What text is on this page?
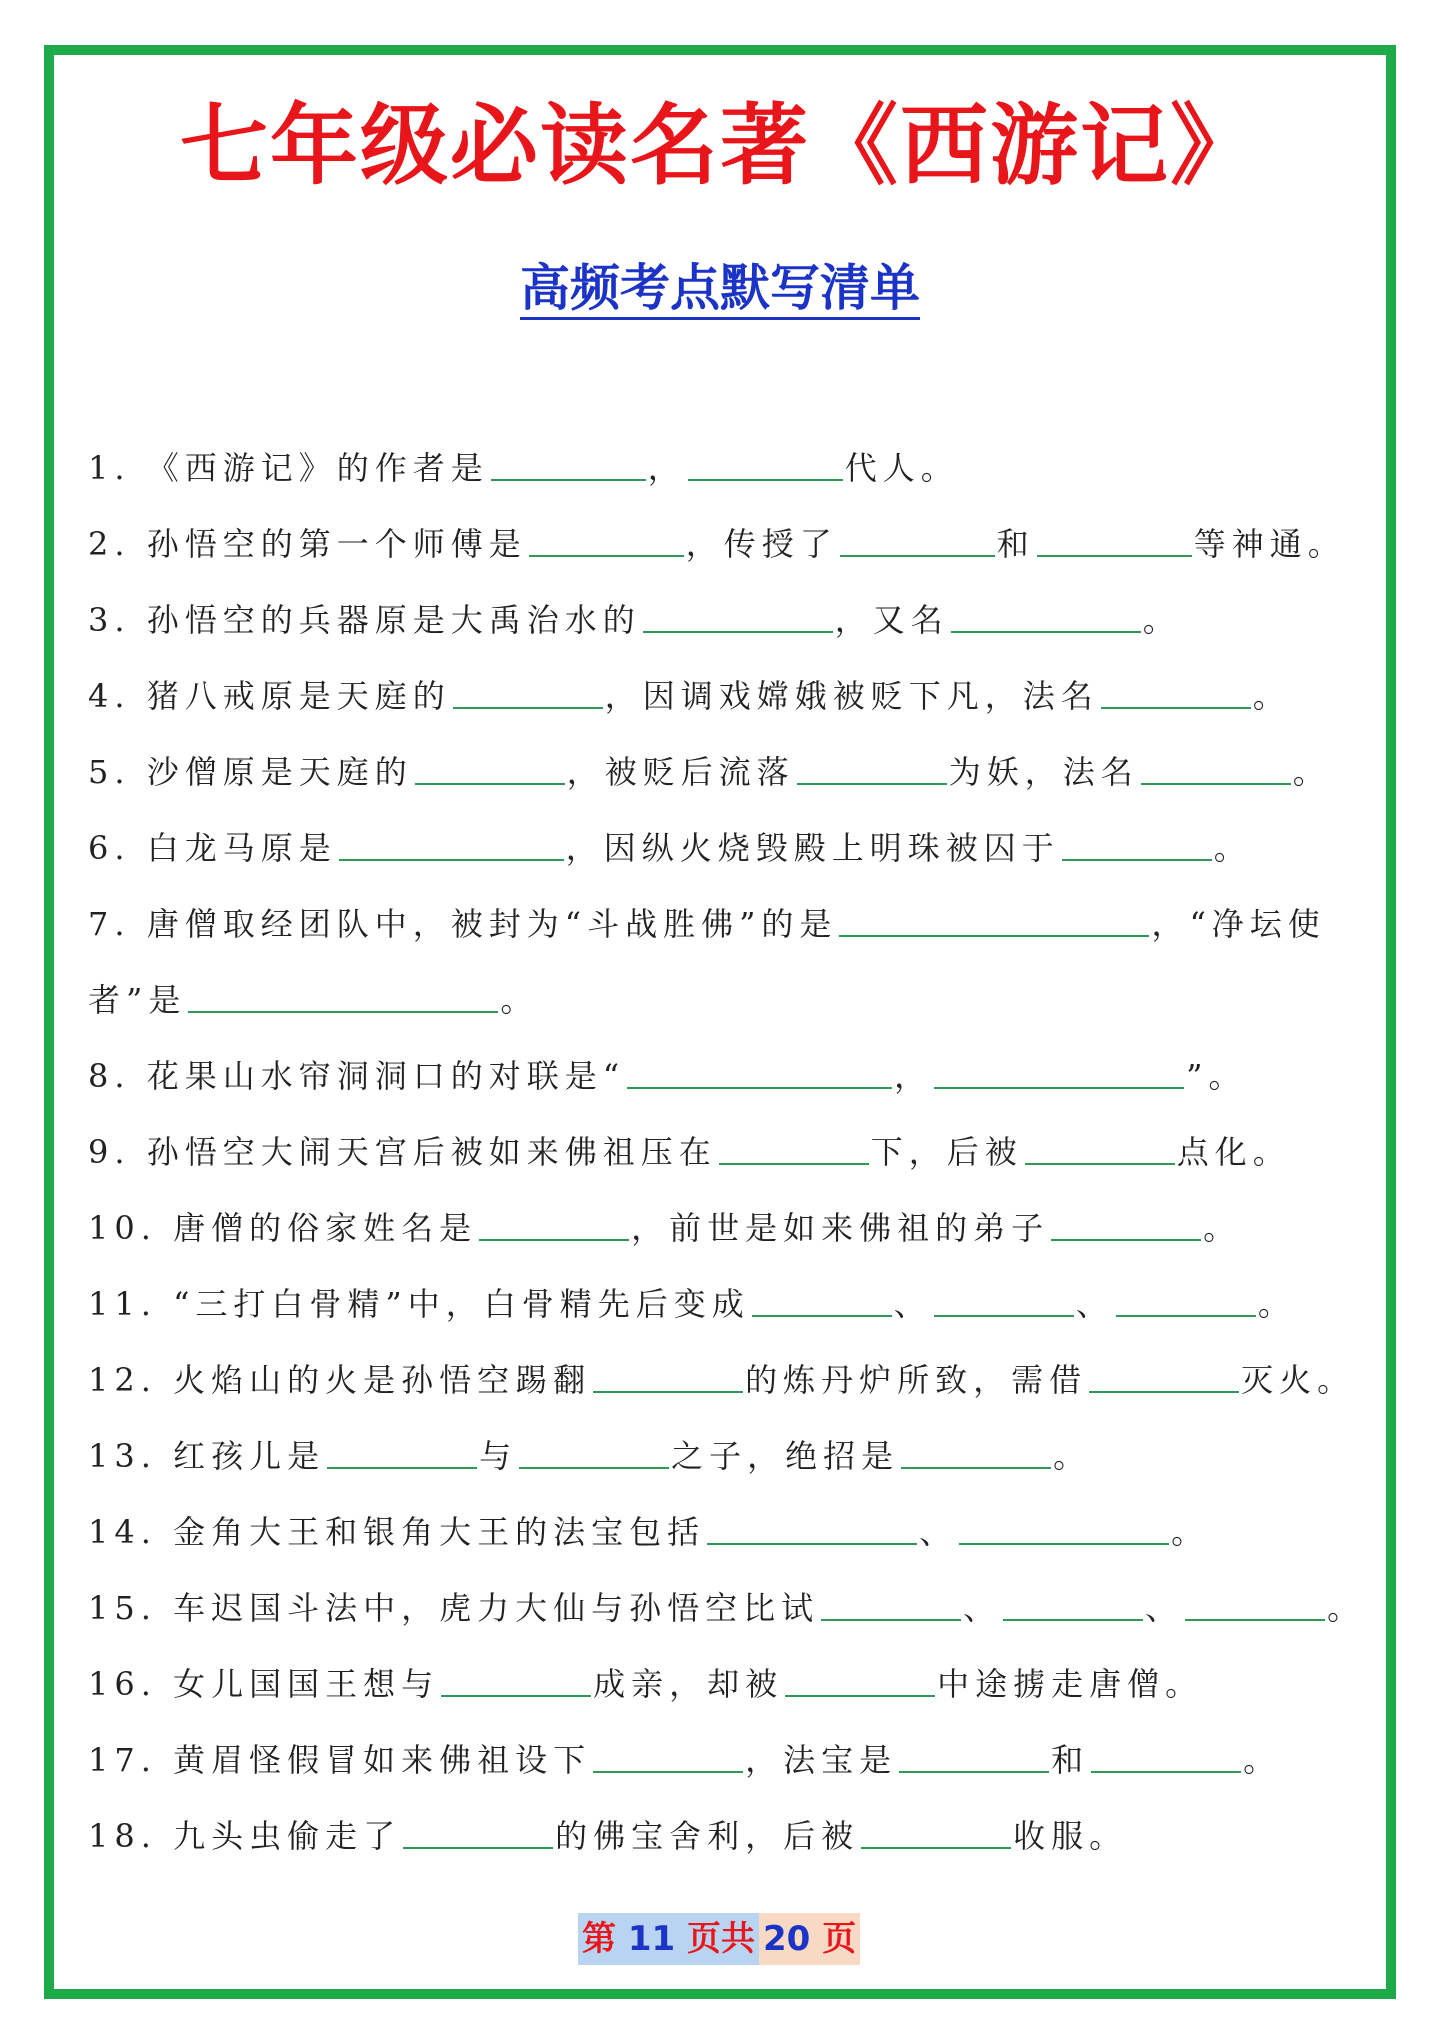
七年级必读名著《西游记》
高频考点默写清单
1. 《西游记》的作者是	，	代人。
2. 孙悟空的第一个师傅是	，传授了	和	等神通。
3. 孙悟空的兵器原是大禹治水的	，又名	。
4. 猪八戒原是天庭的	，因调戏嫦娥被贬下凡，法名	。
5. 沙僧原是天庭的	，被贬后流落	为妖，法名	。
6. 白龙马原是	，因纵火烧毁殿上明珠被囚于	。
7. 唐僧取经团队中，被封为“斗战胜佛”的是	，“净坛使
者”是	。
8. 花果山水帘洞洞口的对联是“	，	”。
9. 孙悟空大闹天宫后被如来佛祖压在	下，后被	点化。
10. 唐僧的俗家姓名是	，前世是如来佛祖的弟子	。
11. “三打白骨精”中，白骨精先后变成	、	、	。
12. 火焰山的火是孙悟空踢翻	的炼丹炉所致，需借	灭火。
13. 红孩儿是	与	之子，绝招是	。
14. 金角大王和银角大王的法宝包括	、	。
15. 车迟国斗法中，虎力大仙与孙悟空比试	、	、	。
16. 女儿国国王想与	成亲，却被	中途掳走唐僧。
17. 黄眉怪假冒如来佛祖设下	，法宝是	和	。
18. 九头虫偷走了	的佛宝舍利，后被	收服。
第 11 页共 20 页
